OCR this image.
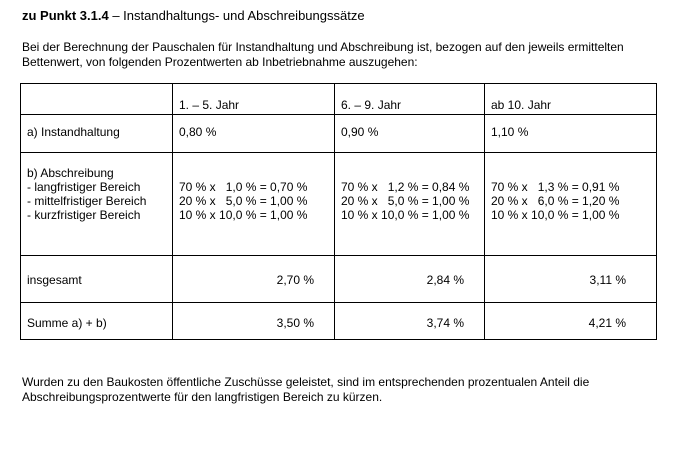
zu Punkt 3.1.4 – Instandhaltungs- und Abschreibungssätze
Bei der Berechnung der Pauschalen für Instandhaltung und Abschreibung ist, bezogen auf den jeweils ermittelten
Bettenwert, von folgenden Prozentwerten ab Inbetriebnahme auszugehen:
	1. – 5. Jahr	6. – 9. Jahr	ab 10. Jahr
a) Instandhaltung	0,80 %	0,90 %	1,10 %

b) Abschreibung
- langfristiger Bereich
- mittelfristiger Bereich
- kurzfristiger Bereich	70 % x   1,0 % = 0,70 %
20 % x   5,0 % = 1,00 %
10 % x 10,0 % = 1,00 %	70 % x   1,2 % = 0,84 %
20 % x   5,0 % = 1,00 %
10 % x 10,0 % = 1,00 %	70 % x   1,3 % = 0,91 %
20 % x   6,0 % = 1,20 %
10 % x 10,0 % = 1,00 %

insgesamt	2,70 %	2,84 %	3,11 %
Summe a) + b)	3,50 %	3,74 %	4,21 %
Wurden zu den Baukosten öffentliche Zuschüsse geleistet, sind im entsprechenden prozentualen Anteil die
Abschreibungsprozentwerte für den langfristigen Bereich zu kürzen.
